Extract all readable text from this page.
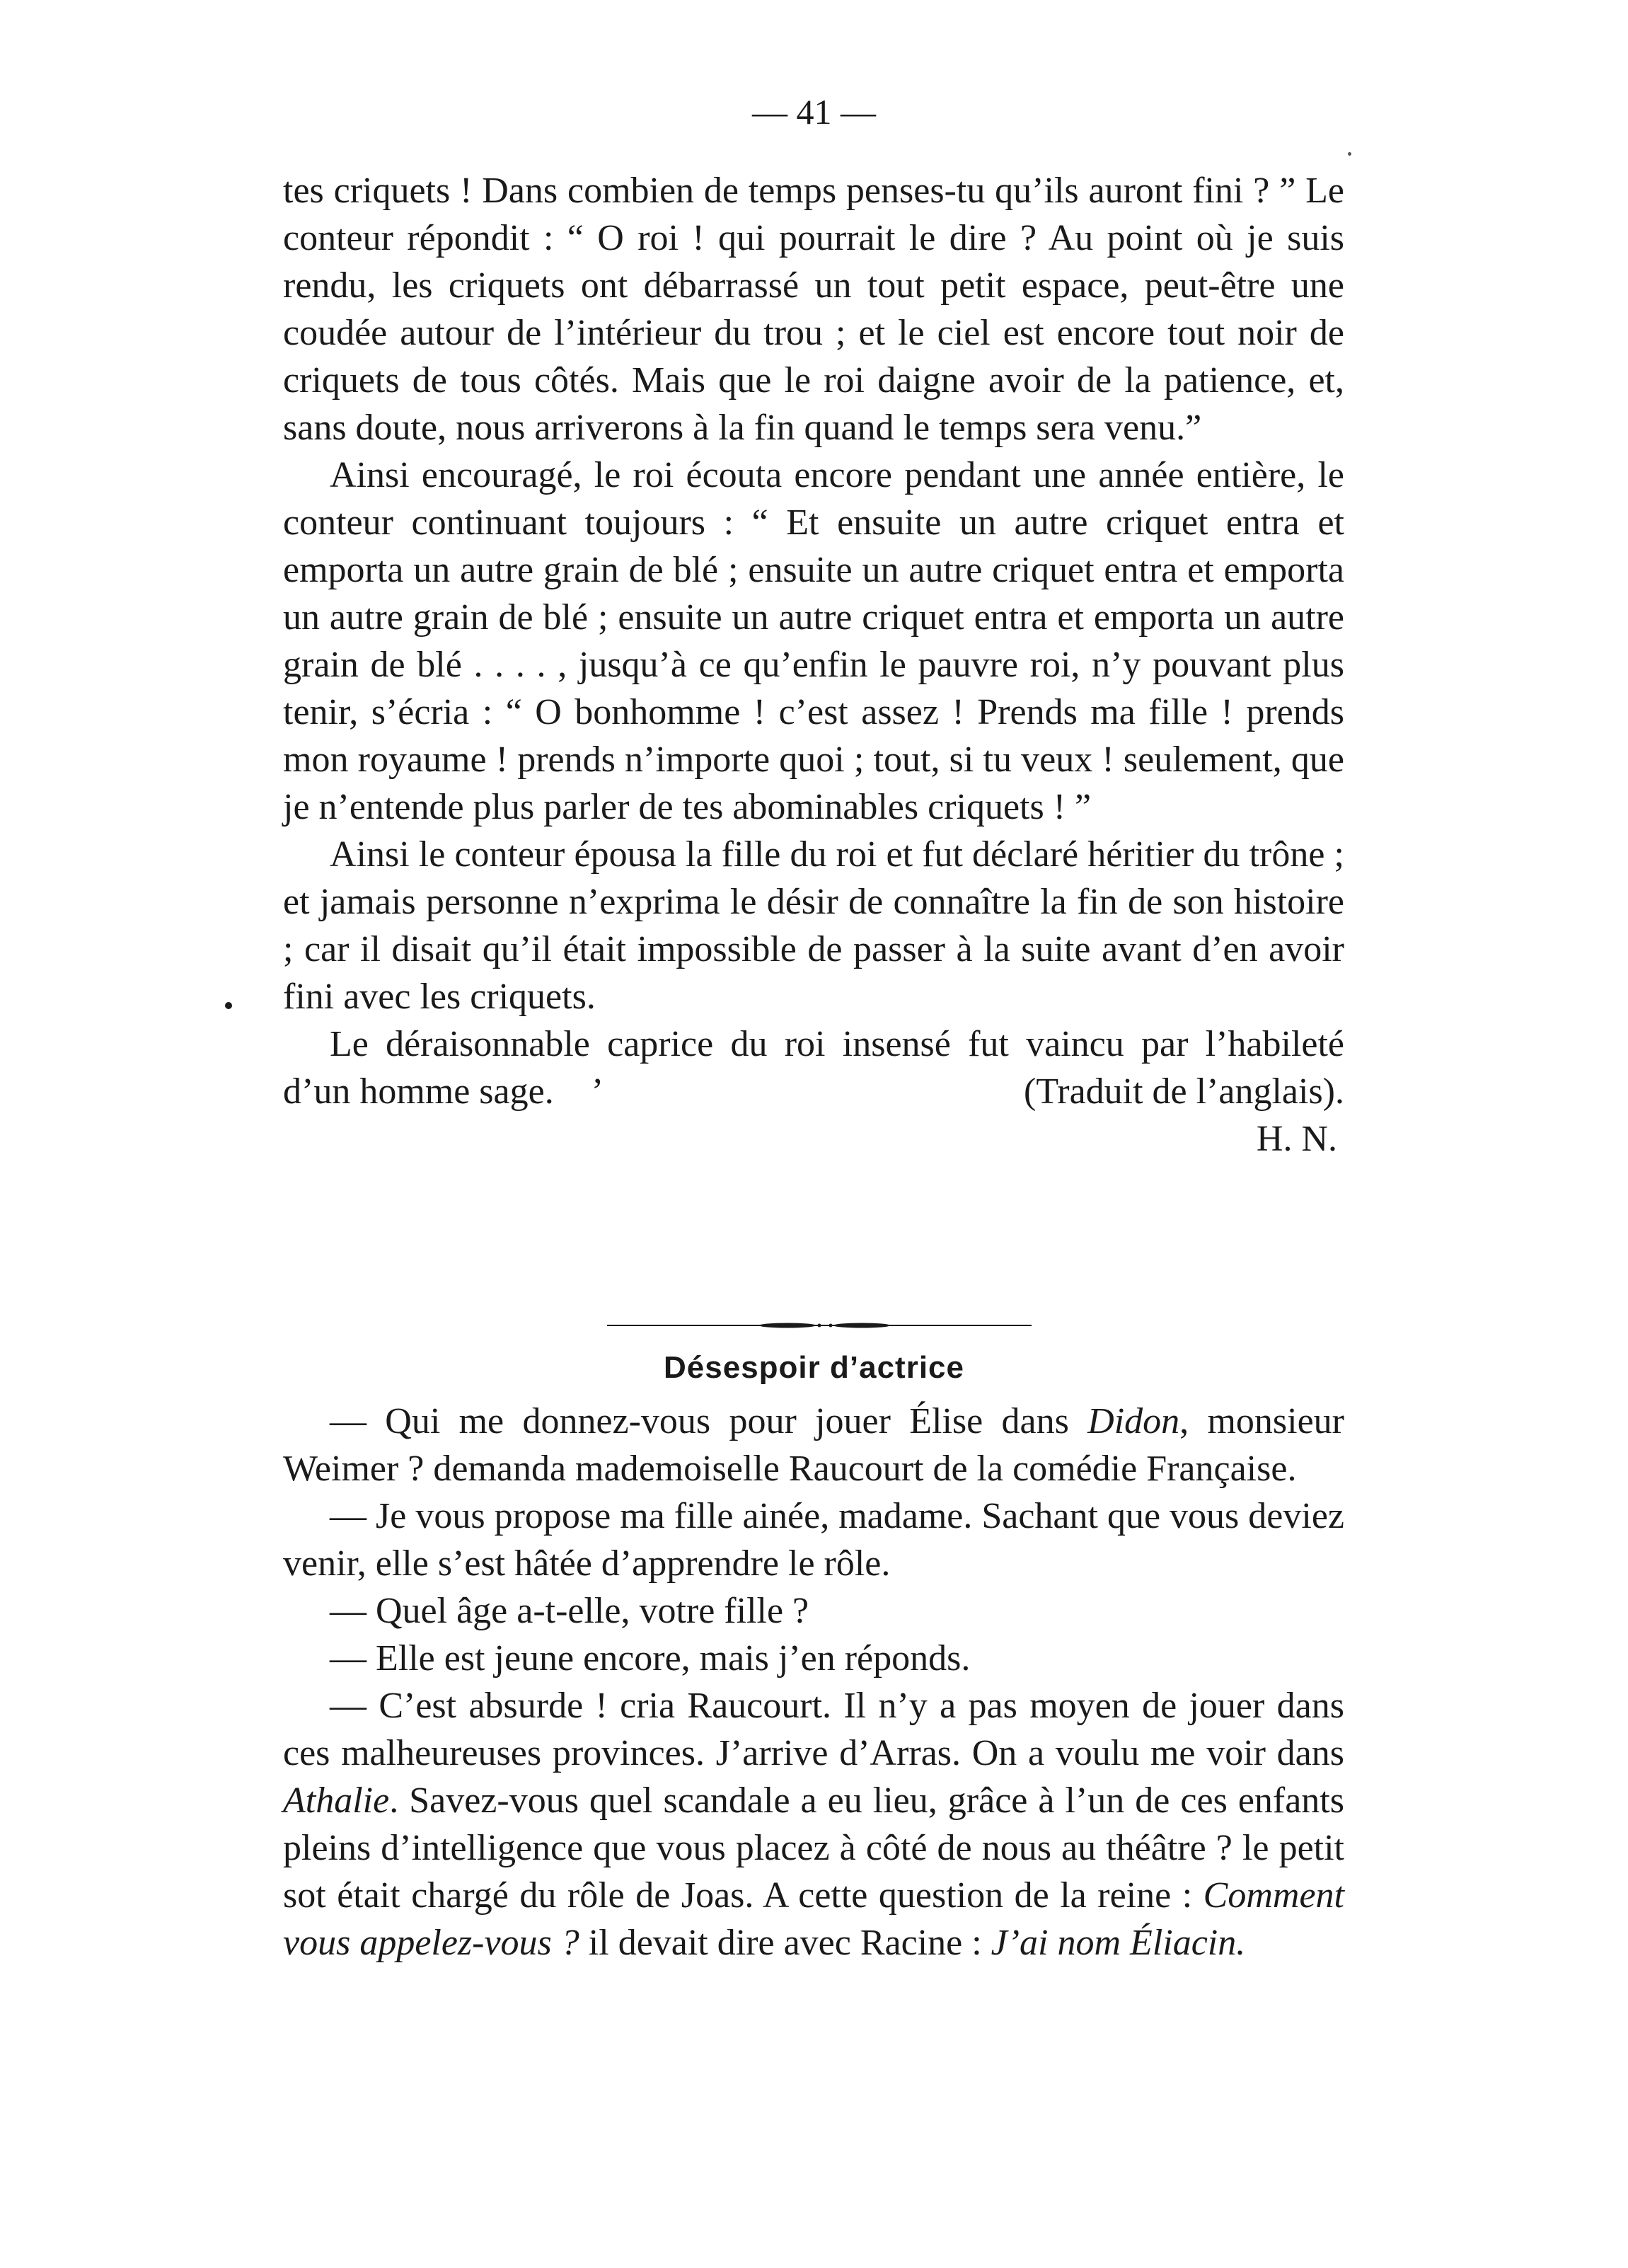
— 41 —

tes criquets ! Dans combien de temps penses-tu qu’ils auront fini ? ” Le conteur répondit : “ O roi ! qui pourrait le dire ? Au point où je suis rendu, les criquets ont débarrassé un tout petit espace, peut-être une coudée autour de l’intérieur du trou ; et le ciel est encore tout noir de criquets de tous côtés. Mais que le roi daigne avoir de la patience, et, sans doute, nous arriverons à la fin quand le temps sera venu.”

Ainsi encouragé, le roi écouta encore pendant une année entière, le conteur continuant toujours : “ Et ensuite un autre criquet entra et emporta un autre grain de blé ; ensuite un autre criquet entra et emporta un autre grain de blé ; ensuite un autre criquet entra et emporta un autre grain de blé . . . . , jusqu’à ce qu’enfin le pauvre roi, n’y pouvant plus tenir, s’écria : “ O bonhomme ! c’est assez ! Prends ma fille ! prends mon royaume ! prends n’importe quoi ; tout, si tu veux ! seulement, que je n’entende plus parler de tes abominables criquets ! ”

Ainsi le conteur épousa la fille du roi et fut déclaré héritier du trône ; et jamais personne n’exprima le désir de connaître la fin de son histoire ; car il disait qu’il était impossible de passer à la suite avant d’en avoir fini avec les criquets.

Le déraisonnable caprice du roi insensé fut vaincu par l’habileté d’un homme sage. ’	(Traduit de l’anglais).

H. N.
Désespoir d’actrice

— Qui me donnez-vous pour jouer Élise dans Didon, monsieur Weimer ? demanda mademoiselle Raucourt de la comédie Française.

— Je vous propose ma fille ainée, madame. Sachant que vous deviez venir, elle s’est hâtée d’apprendre le rôle.

— Quel âge a-t-elle, votre fille ?

— Elle est jeune encore, mais j’en réponds.

— C’est absurde ! cria Raucourt. Il n’y a pas moyen de jouer dans ces malheureuses provinces. J’arrive d’Arras. On a voulu me voir dans Athalie. Savez-vous quel scandale a eu lieu, grâce à l’un de ces enfants pleins d’intelligence que vous placez à côté de nous au théâtre ? le petit sot était chargé du rôle de Joas. A cette question de la reine : Comment vous appelez-vous ? il devait dire avec Racine : J’ai nom Éliacin.
